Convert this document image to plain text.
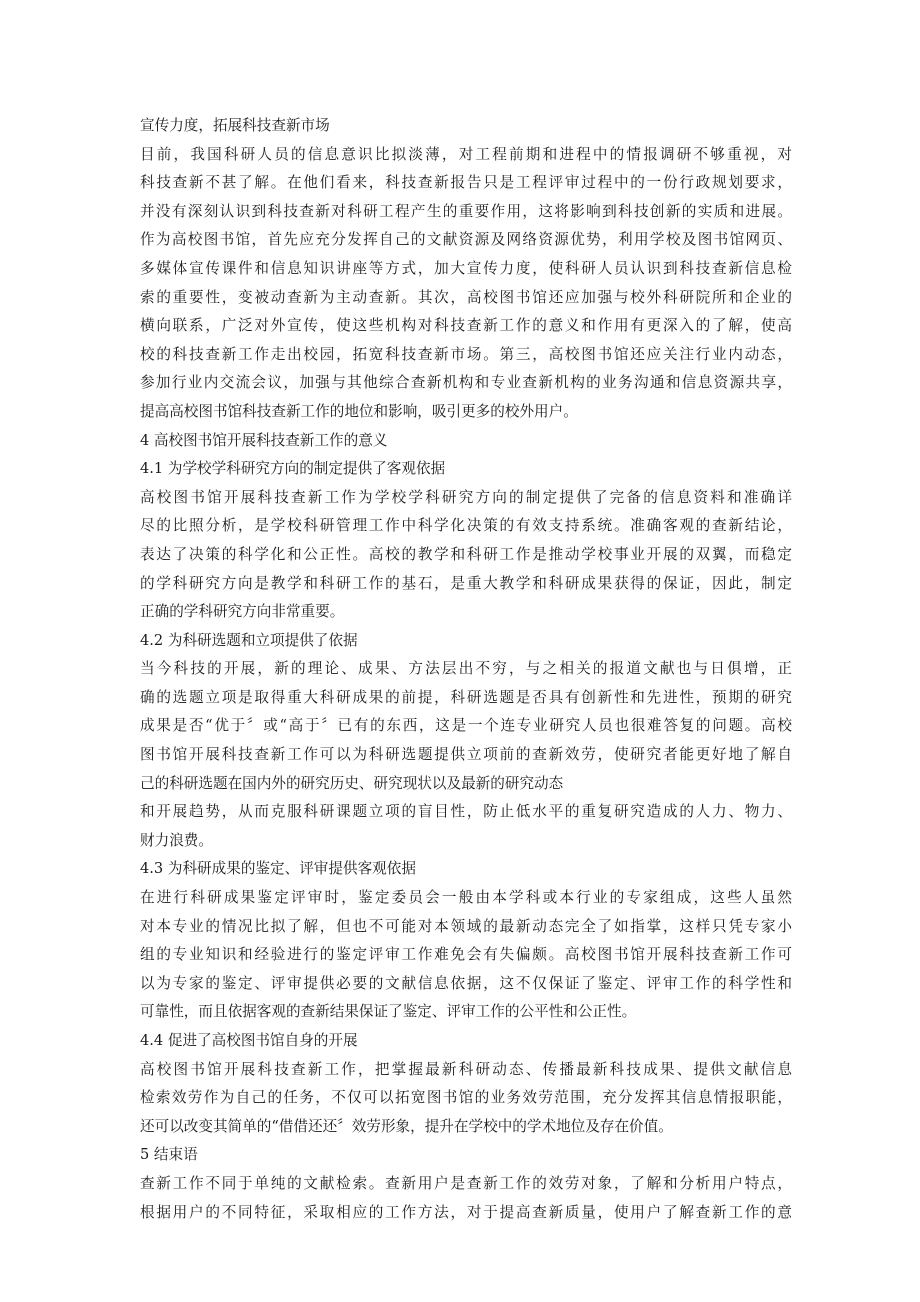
宣传力度，拓展科技查新市场
目前，我国科研人员的信息意识比拟淡薄，对工程前期和进程中的情报调研不够重视，对
科技查新不甚了解。在他们看来，科技查新报告只是工程评审过程中的一份行政规划要求，
并没有深刻认识到科技查新对科研工程产生的重要作用，这将影响到科技创新的实质和进展。
作为高校图书馆，首先应充分发挥自己的文献资源及网络资源优势，利用学校及图书馆网页、
多媒体宣传课件和信息知识讲座等方式，加大宣传力度，使科研人员认识到科技查新信息检
索的重要性，变被动查新为主动查新。其次，高校图书馆还应加强与校外科研院所和企业的
横向联系，广泛对外宣传，使这些机构对科技查新工作的意义和作用有更深入的了解，使高
校的科技查新工作走出校园，拓宽科技查新市场。第三，高校图书馆还应关注行业内动态，
参加行业内交流会议，加强与其他综合查新机构和专业查新机构的业务沟通和信息资源共享，
提高高校图书馆科技查新工作的地位和影响，吸引更多的校外用户。
4 高校图书馆开展科技查新工作的意义
4.1 为学校学科研究方向的制定提供了客观依据
高校图书馆开展科技查新工作为学校学科研究方向的制定提供了完备的信息资料和准确详
尽的比照分析，是学校科研管理工作中科学化决策的有效支持系统。准确客观的查新结论，
表达了决策的科学化和公正性。高校的教学和科研工作是推动学校事业开展的双翼，而稳定
的学科研究方向是教学和科研工作的基石，是重大教学和科研成果获得的保证，因此，制定
正确的学科研究方向非常重要。
4.2 为科研选题和立项提供了依据
当今科技的开展，新的理论、成果、方法层出不穷，与之相关的报道文献也与日俱增，正
确的选题立项是取得重大科研成果的前提，科研选题是否具有创新性和先进性，预期的研究
成果是否“优于〞或“高于〞已有的东西，这是一个连专业研究人员也很难答复的问题。高校
图书馆开展科技查新工作可以为科研选题提供立项前的查新效劳，使研究者能更好地了解自
己的科研选题在国内外的研究历史、研究现状以及最新的研究动态
和开展趋势，从而克服科研课题立项的盲目性，防止低水平的重复研究造成的人力、物力、
财力浪费。
4.3 为科研成果的鉴定、评审提供客观依据
在进行科研成果鉴定评审时，鉴定委员会一般由本学科或本行业的专家组成，这些人虽然
对本专业的情况比拟了解，但也不可能对本领域的最新动态完全了如指掌，这样只凭专家小
组的专业知识和经验进行的鉴定评审工作难免会有失偏颇。高校图书馆开展科技查新工作可
以为专家的鉴定、评审提供必要的文献信息依据，这不仅保证了鉴定、评审工作的科学性和
可靠性，而且依据客观的查新结果保证了鉴定、评审工作的公平性和公正性。
4.4 促进了高校图书馆自身的开展
高校图书馆开展科技查新工作，把掌握最新科研动态、传播最新科技成果、提供文献信息
检索效劳作为自己的任务，不仅可以拓宽图书馆的业务效劳范围，充分发挥其信息情报职能，
还可以改变其简单的“借借还还〞效劳形象，提升在学校中的学术地位及存在价值。
5 结束语
查新工作不同于单纯的文献检索。查新用户是查新工作的效劳对象，了解和分析用户特点，
根据用户的不同特征，采取相应的工作方法，对于提高查新质量，使用户了解查新工作的意
